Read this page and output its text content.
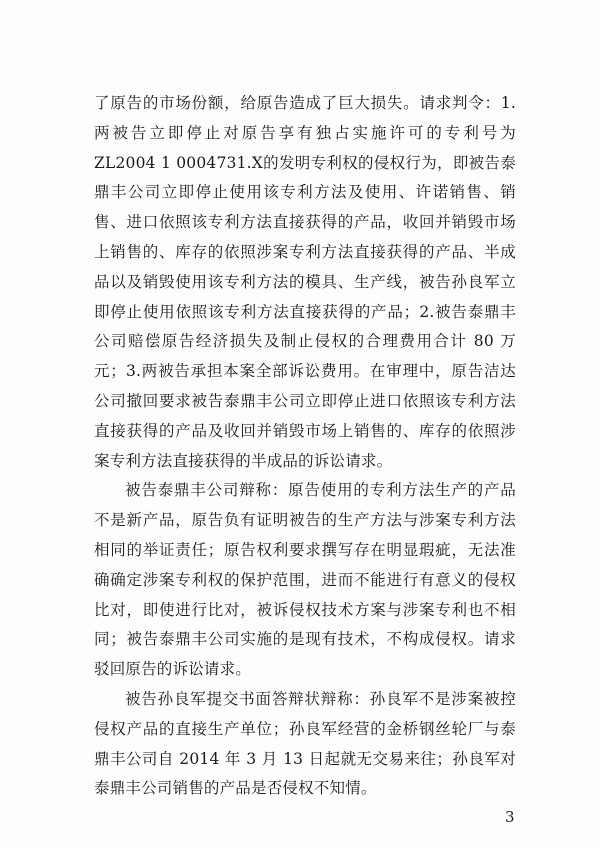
了原告的市场份额，给原告造成了巨大损失。请求判令：1.两被告立即停止对原告享有独占实施许可的专利号为ZL2004 1 0004731.X的发明专利权的侵权行为，即被告泰鼎丰公司立即停止使用该专利方法及使用、许诺销售、销售、进口依照该专利方法直接获得的产品，收回并销毁市场上销售的、库存的依照涉案专利方法直接获得的产品、半成品以及销毁使用该专利方法的模具、生产线，被告孙良军立即停止使用依照该专利方法直接获得的产品；2.被告泰鼎丰公司赔偿原告经济损失及制止侵权的合理费用合计 80 万元；3.两被告承担本案全部诉讼费用。在审理中，原告洁达公司撤回要求被告泰鼎丰公司立即停止进口依照该专利方法直接获得的产品及收回并销毁市场上销售的、库存的依照涉案专利方法直接获得的半成品的诉讼请求。

被告泰鼎丰公司辩称：原告使用的专利方法生产的产品不是新产品，原告负有证明被告的生产方法与涉案专利方法相同的举证责任；原告权利要求撰写存在明显瑕疵，无法准确确定涉案专利权的保护范围，进而不能进行有意义的侵权比对，即使进行比对，被诉侵权技术方案与涉案专利也不相同；被告泰鼎丰公司实施的是现有技术，不构成侵权。请求驳回原告的诉讼请求。

被告孙良军提交书面答辩状辩称：孙良军不是涉案被控侵权产品的直接生产单位；孙良军经营的金桥钢丝轮厂与泰鼎丰公司自 2014 年 3 月 13 日起就无交易来往；孙良军对泰鼎丰公司销售的产品是否侵权不知情。

3
